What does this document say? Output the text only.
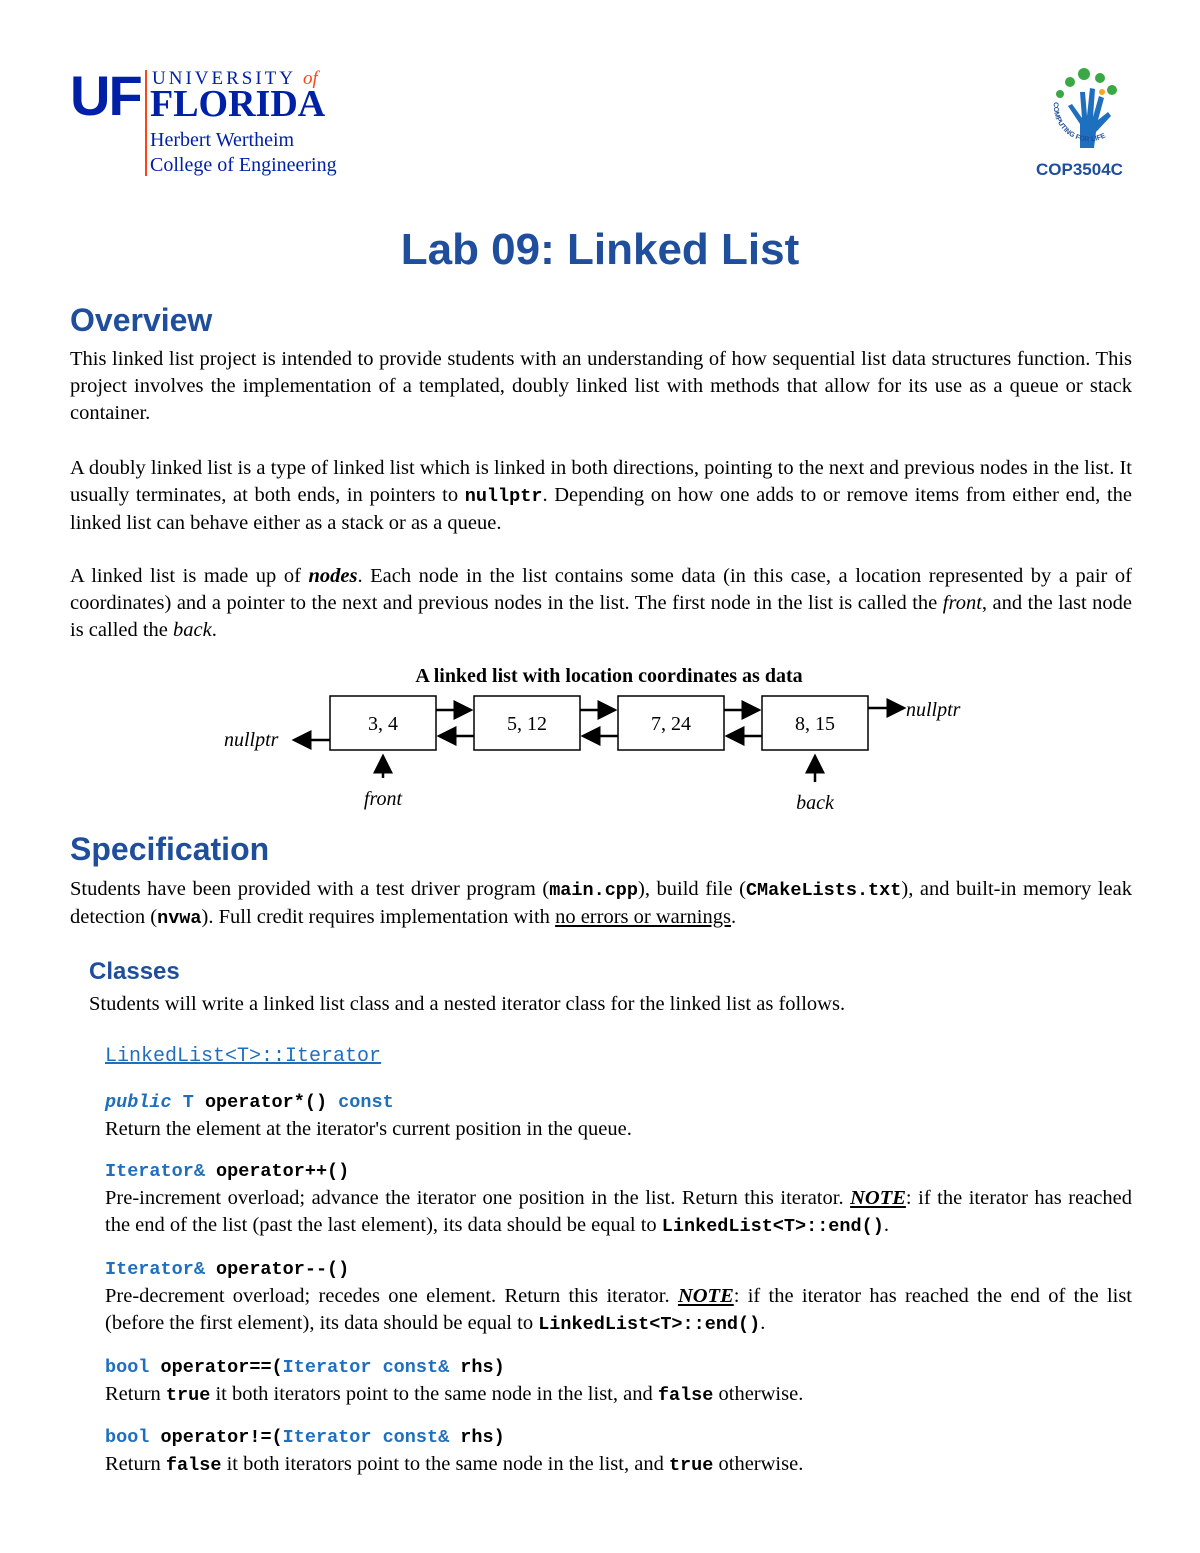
UF UNIVERSITY of
FLORIDA
Herbert Wertheim
College of Engineering
COMPUTING FOR LIFE
COP3504C
Lab 09: Linked List
Overview
This linked list project is intended to provide students with an understanding of how sequential list data structures function. This project involves the implementation of a templated, doubly linked list with methods that allow for its use as a queue or stack container.
A doubly linked list is a type of linked list which is linked in both directions, pointing to the next and previous nodes in the list. It usually terminates, at both ends, in pointers to nullptr. Depending on how one adds to or remove items from either end, the linked list can behave either as a stack or as a queue.
A linked list is made up of nodes. Each node in the list contains some data (in this case, a location represented by a pair of coordinates) and a pointer to the next and previous nodes in the list. The first node in the list is called the front, and the last node is called the back.
A linked list with location coordinates as data
3, 4	5, 12	7, 24	8, 15
nullptr
nullptr
front	back
Specification
Students have been provided with a test driver program (main.cpp), build file (CMakeLists.txt), and built-in memory leak detection (nvwa). Full credit requires implementation with no errors or warnings.
Classes
Students will write a linked list class and a nested iterator class for the linked list as follows.
LinkedList<T>::Iterator
public T operator*() const
Return the element at the iterator's current position in the queue.
Iterator& operator++()
Pre-increment overload; advance the iterator one position in the list. Return this iterator. NOTE: if the iterator has reached the end of the list (past the last element), its data should be equal to LinkedList<T>::end().
Iterator& operator--()
Pre-decrement overload; recedes one element. Return this iterator. NOTE: if the iterator has reached the end of the list (before the first element), its data should be equal to LinkedList<T>::end().
bool operator==(Iterator const& rhs)
Return true it both iterators point to the same node in the list, and false otherwise.
bool operator!=(Iterator const& rhs)
Return false it both iterators point to the same node in the list, and true otherwise.
